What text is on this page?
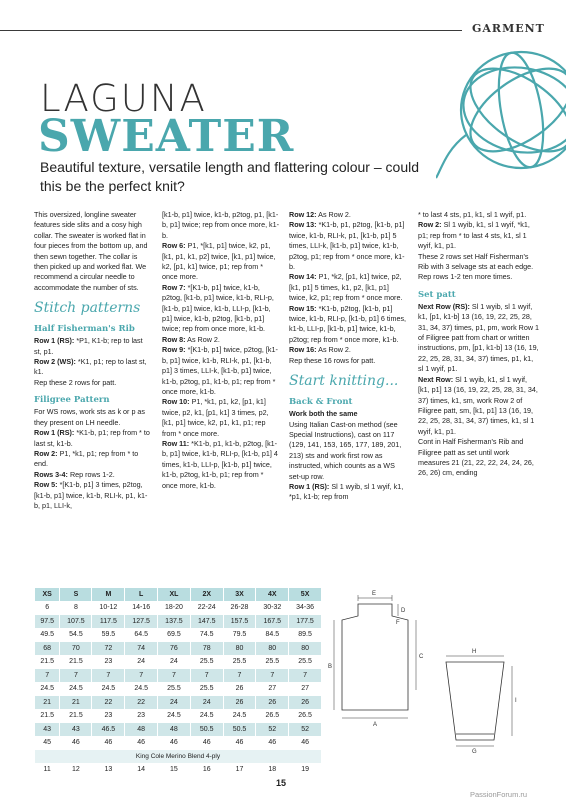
GARMENT
LAGUNA
SWEATER
Beautiful texture, versatile length and flattering colour – could this be the perfect knit?

This oversized, longline sweater features side slits and a cosy high collar. The sweater is worked flat in four pieces from the bottom up, and then sewn together. The collar is then picked up and worked flat. We recommend a circular needle to accommodate the number of sts.

Stitch patterns
Half Fisherman's Rib

Row 1 (RS): *P1, K1-b; rep to last st, p1.

Row 2 (WS): *K1, p1; rep to last st, k1.

Rep these 2 rows for patt.

Filigree Pattern

For WS rows, work sts as k or p as they present on LH needle.

Row 1 (RS): *K1-b, p1; rep from * to last st, k1-b.

Row 2: P1, *k1, p1; rep from * to end.

Rows 3-4: Rep rows 1-2.

Row 5: *[K1-b, p1] 3 times, p2tog, [k1-b, p1] twice, k1-b, RLI-k, p1, k1-b, p1, LLI-k,

[k1-b, p1] twice, k1-b, p2tog, p1, [k1-b, p1] twice; rep from once more, k1-b.

Row 6: P1, *[k1, p1] twice, k2, p1, [k1, p1, k1, p2] twice, [k1, p1] twice, k2, [p1, k1] twice, p1; rep from * once more.

Row 7: *[K1-b, p1] twice, k1-b, p2tog, [k1-b, p1] twice, k1-b, RLI-p, [k1-b, p1] twice, k1-b, LLI-p, [k1-b, p1] twice, k1-b, p2tog, [k1-b, p1] twice; rep from once more, k1-b.

Row 8: As Row 2.

Row 9: *[K1-b, p1] twice, p2tog, [k1-b, p1] twice, k1-b, RLI-k, p1, [k1-b, p1] 3 times, LLI-k, [k1-b, p1] twice, k1-b, p2tog, p1, k1-b, p1; rep from * once more, k1-b.

Row 10: P1, *k1, p1, k2, [p1, k1] twice, p2, k1, [p1, k1] 3 times, p2, [k1, p1] twice, k2, p1, k1, p1; rep from * once more.

Row 11: *K1-b, p1, k1-b, p2tog, [k1-b, p1] twice, k1-b, RLI-p, [k1-b, p1] 4 times, k1-b, LLI-p, [k1-b, p1] twice, k1-b, p2tog, k1-b, p1; rep from * once more, k1-b.

Row 12: As Row 2.

Row 13: *K1-b, p1, p2tog, [k1-b, p1] twice, k1-b, RLI-k, p1, [k1-b, p1] 5 times, LLI-k, [k1-b, p1] twice, k1-b, p2tog, p1; rep from * once more, k1-b.

Row 14: P1, *k2, [p1, k1] twice, p2, [k1, p1] 5 times, k1, p2, [k1, p1] twice, k2, p1; rep from * once more.

Row 15: *K1-b, p2tog, [k1-b, p1] twice, k1-b, RLI-p, [k1-b, p1] 6 times, k1-b, LLI-p, [k1-b, p1] twice, k1-b, p2tog; rep from * once more, k1-b.

Row 16: As Row 2.

Rep these 16 rows for patt.

Start knitting...
Back & Front

Work both the same

Using Italian Cast-on method (see Special Instructions), cast on 117 (129, 141, 153, 165, 177, 189, 201, 213) sts and work first row as instructed, which counts as a WS set-up row.

Row 1 (RS): Sl 1 wyib, sl 1 wyif, k1, *p1, k1-b; rep from

* to last 4 sts, p1, k1, sl 1 wyif, p1.

Row 2: Sl 1 wyib, k1, sl 1 wyif, *k1, p1; rep from * to last 4 sts, k1, sl 1 wyif, k1, p1.

These 2 rows set Half Fisherman's Rib with 3 selvage sts at each edge.

Rep rows 1-2 ten more times.

Set patt

Next Row (RS): Sl 1 wyib, sl 1 wyif, k1, [p1, k1-b] 13 (16, 19, 22, 25, 28, 31, 34, 37) times, p1, pm, work Row 1 of Filigree patt from chart or written instructions, pm, [p1, k1-b] 13 (16, 19, 22, 25, 28, 31, 34, 37) times, p1, k1, sl 1 wyif, p1.

Next Row: Sl 1 wyib, k1, sl 1 wyif, [k1, p1] 13 (16, 19, 22, 25, 28, 31, 34, 37) times, k1, sm, work Row 2 of Filigree patt, sm, [k1, p1] 13 (16, 19, 22, 25, 28, 31, 34, 37) times, k1, sl 1 wyif, k1, p1.

Cont in Half Fisherman's Rib and Filigree patt as set until work measures 21 (21, 22, 22, 24, 24, 26, 26, 26) cm, ending

XS	S	M	L	XL	2X	3X	4X	5X
6	8	10-12	14-16	18-20	22-24	26-28	30-32	34-36
97.5	107.5	117.5	127.5	137.5	147.5	157.5	167.5	177.5
49.5	54.5	59.5	64.5	69.5	74.5	79.5	84.5	89.5
68	70	72	74	76	78	80	80	80
21.5	21.5	23	24	24	25.5	25.5	25.5	25.5
7	7	7	7	7	7	7	7	7
24.5	24.5	24.5	24.5	25.5	25.5	26	27	27
21	21	22	22	24	24	26	26	26
21.5	21.5	23	23	24.5	24.5	24.5	26.5	26.5
43	43	46.5	48	48	50.5	50.5	52	52
45	46	46	46	46	46	46	46	46
King Cole Merino Blend 4-ply								
11	12	13	14	15	16	17	18	19
E
D
C
B
A
F
H
I
G
15
PassionForum.ru
